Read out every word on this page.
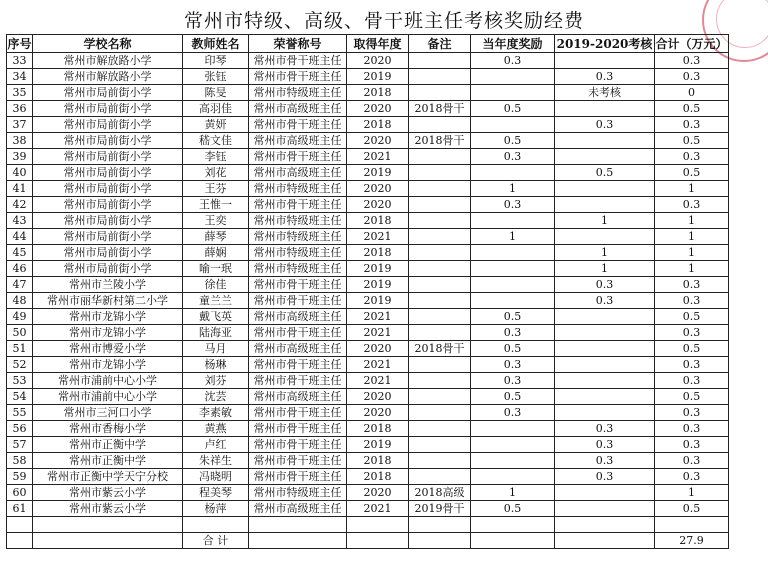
常州市特级、高级、骨干班主任考核奖励经费
序号	学校名称	教师姓名	荣誉称号	取得年度	备注	当年度奖励	2019-2020考核	合计（万元）
33	常州市解放路小学	印琴	常州市骨干班主任	2020		0.3		0.3
34	常州市解放路小学	张钰	常州市骨干班主任	2019			0.3	0.3
35	常州市局前街小学	陈旻	常州市特级班主任	2018			未考核	0
36	常州市局前街小学	高羽佳	常州市高级班主任	2020	2018骨干	0.5		0.5
37	常州市局前街小学	黄妍	常州市骨干班主任	2018			0.3	0.3
38	常州市局前街小学	嵇文佳	常州市高级班主任	2020	2018骨干	0.5		0.5
39	常州市局前街小学	李钰	常州市骨干班主任	2021		0.3		0.3
40	常州市局前街小学	刘花	常州市高级班主任	2019			0.5	0.5
41	常州市局前街小学	王芬	常州市特级班主任	2020		1		1
42	常州市局前街小学	王惟一	常州市骨干班主任	2020		0.3		0.3
43	常州市局前街小学	王奕	常州市特级班主任	2018			1	1
44	常州市局前街小学	薛琴	常州市特级班主任	2021		1		1
45	常州市局前街小学	薛娴	常州市特级班主任	2018			1	1
46	常州市局前街小学	喻一珉	常州市特级班主任	2019			1	1
47	常州市兰陵小学	徐佳	常州市骨干班主任	2019			0.3	0.3
48	常州市丽华新村第二小学	童兰兰	常州市骨干班主任	2019			0.3	0.3
49	常州市龙锦小学	戴飞英	常州市高级班主任	2021		0.5		0.5
50	常州市龙锦小学	陆海亚	常州市骨干班主任	2021		0.3		0.3
51	常州市博爱小学	马月	常州市高级班主任	2020	2018骨干	0.5		0.5
52	常州市龙锦小学	杨琳	常州市骨干班主任	2021		0.3		0.3
53	常州市浦前中心小学	刘芬	常州市骨干班主任	2021		0.3		0.3
54	常州市浦前中心小学	沈芸	常州市高级班主任	2020		0.5		0.5
55	常州市三河口小学	李素敏	常州市骨干班主任	2020		0.3		0.3
56	常州市香梅小学	黄燕	常州市骨干班主任	2018			0.3	0.3
57	常州市正衡中学	卢红	常州市骨干班主任	2019			0.3	0.3
58	常州市正衡中学	朱祥生	常州市骨干班主任	2018			0.3	0.3
59	常州市正衡中学天宁分校	冯晓明	常州市骨干班主任	2018			0.3	0.3
60	常州市紫云小学	程美琴	常州市特级班主任	2020	2018高级	1		1
61	常州市紫云小学	杨萍	常州市高级班主任	2021	2019骨干	0.5		0.5

		合 计						27.9
